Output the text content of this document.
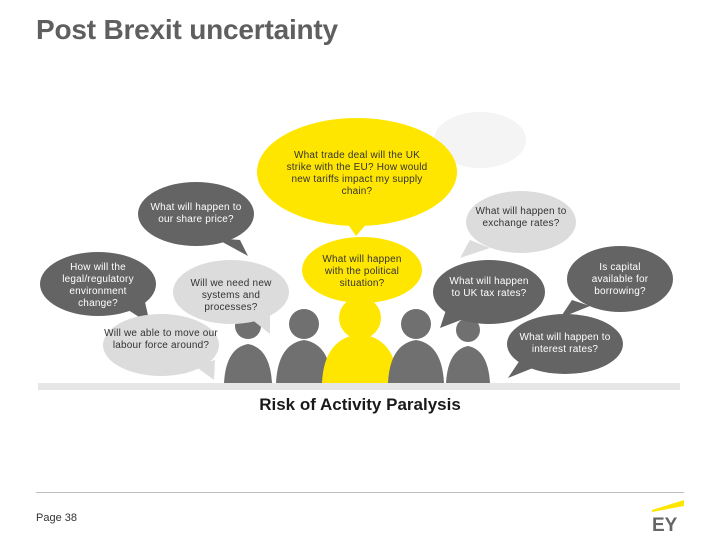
Post Brexit uncertainty
What trade deal will the UK strike with the EU? How would new tariffs impact my supply chain?
What will happen to our share price?
What will happen to exchange rates?
How will the legal/regulatory environment change?
Will we need new systems and processes?
What will happen with the political situation?	What will happen to UK tax rates?
Is capital available for borrowing?
Will we able to move our labour force around?
What will happen to interest rates?
Risk of Activity Paralysis
Page 38	EY
